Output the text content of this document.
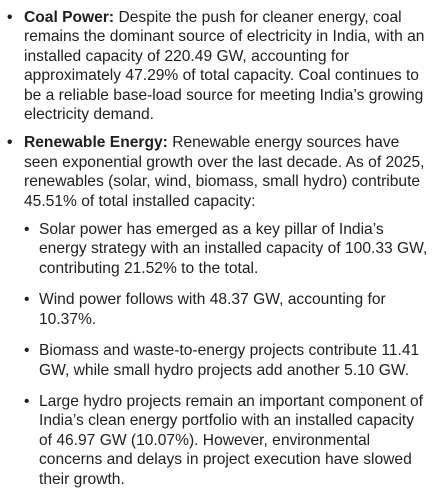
• Coal Power: Despite the push for cleaner energy, coal remains the dominant source of electricity in India, with an installed capacity of 220.49 GW, accounting for approximately 47.29% of total capacity. Coal continues to be a reliable base-load source for meeting India’s growing electricity demand.
• Renewable Energy: Renewable energy sources have seen exponential growth over the last decade. As of 2025, renewables (solar, wind, biomass, small hydro) contribute 45.51% of total installed capacity:
• Solar power has emerged as a key pillar of India’s energy strategy with an installed capacity of 100.33 GW, contributing 21.52% to the total.
• Wind power follows with 48.37 GW, accounting for 10.37%.
• Biomass and waste-to-energy projects contribute 11.41 GW, while small hydro projects add another 5.10 GW.
• Large hydro projects remain an important component of India’s clean energy portfolio with an installed capacity of 46.97 GW (10.07%). However, environmental concerns and delays in project execution have slowed their growth.
